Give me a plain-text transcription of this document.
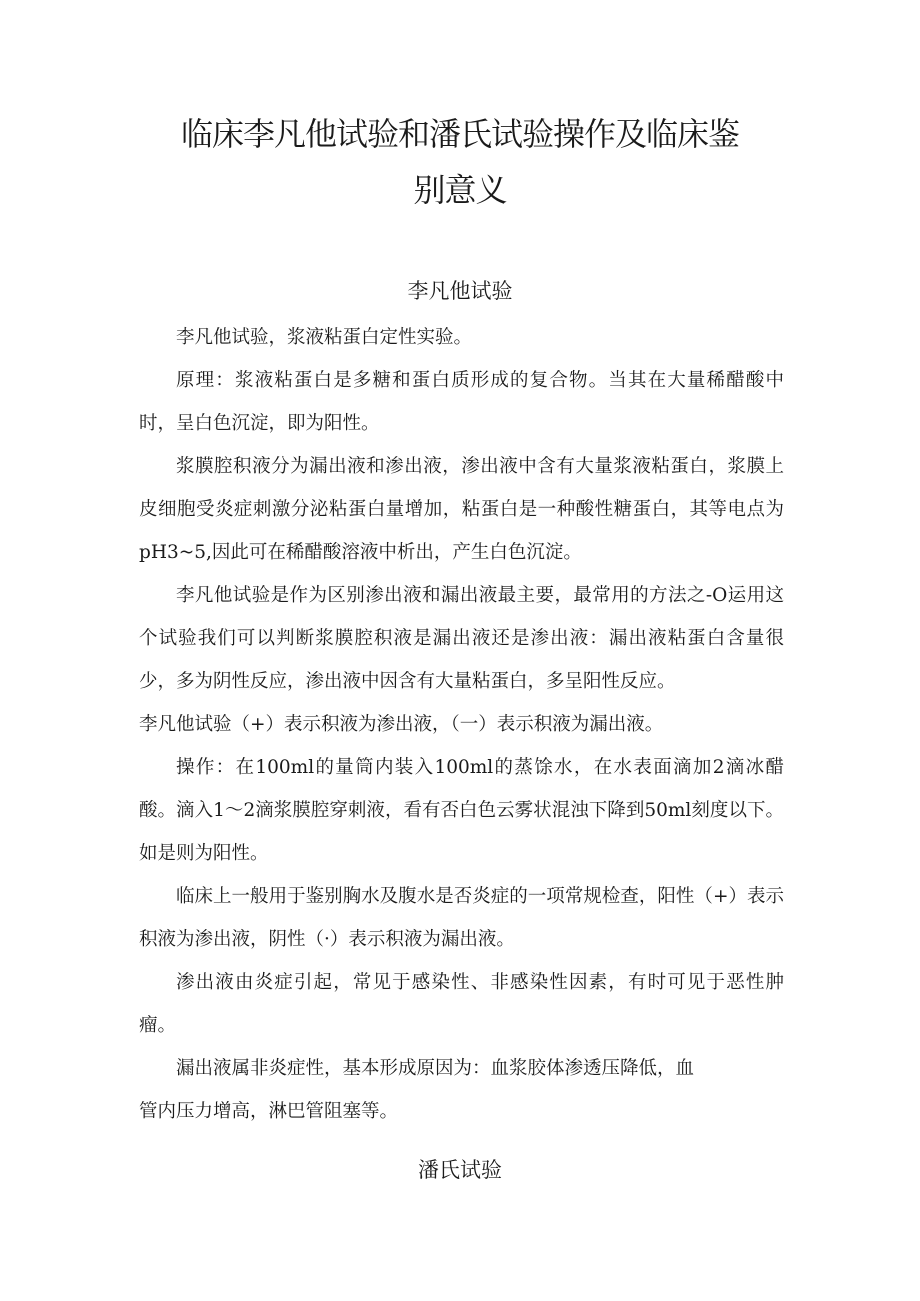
临床李凡他试验和潘氏试验操作及临床鉴
别意义
李凡他试验

李凡他试验，浆液粘蛋白定性实验。

原理：浆液粘蛋白是多糖和蛋白质形成的复合物。当其在大量稀醋酸中时，呈白色沉淀，即为阳性。

浆膜腔积液分为漏出液和渗出液，渗出液中含有大量浆液粘蛋白，浆膜上皮细胞受炎症刺激分泌粘蛋白量增加，粘蛋白是一种酸性糖蛋白，其等电点为pH3~5,因此可在稀醋酸溶液中析出，产生白色沉淀。

李凡他试验是作为区别渗出液和漏出液最主要，最常用的方法之-O运用这个试验我们可以判断浆膜腔积液是漏出液还是渗出液：漏出液粘蛋白含量很少，多为阴性反应，渗出液中因含有大量粘蛋白，多呈阳性反应。

李凡他试验（+）表示积液为渗出液，（一）表示积液为漏出液。

操作：在100ml的量筒内装入100ml的蒸馀水，在水表面滴加2滴冰醋酸。滴入1～2滴浆膜腔穿刺液，看有否白色云雾状混浊下降到50ml刻度以下。如是则为阳性。

临床上一般用于鉴别胸水及腹水是否炎症的一项常规检查，阳性（+）表示积液为渗出液，阴性（·）表示积液为漏出液。

渗出液由炎症引起，常见于感染性、非感染性因素，有时可见于恶性肿瘤。

漏出液属非炎症性，基本形成原因为：血浆胶体渗透压降低，血

管内压力增高，淋巴管阻塞等。

潘氏试验
